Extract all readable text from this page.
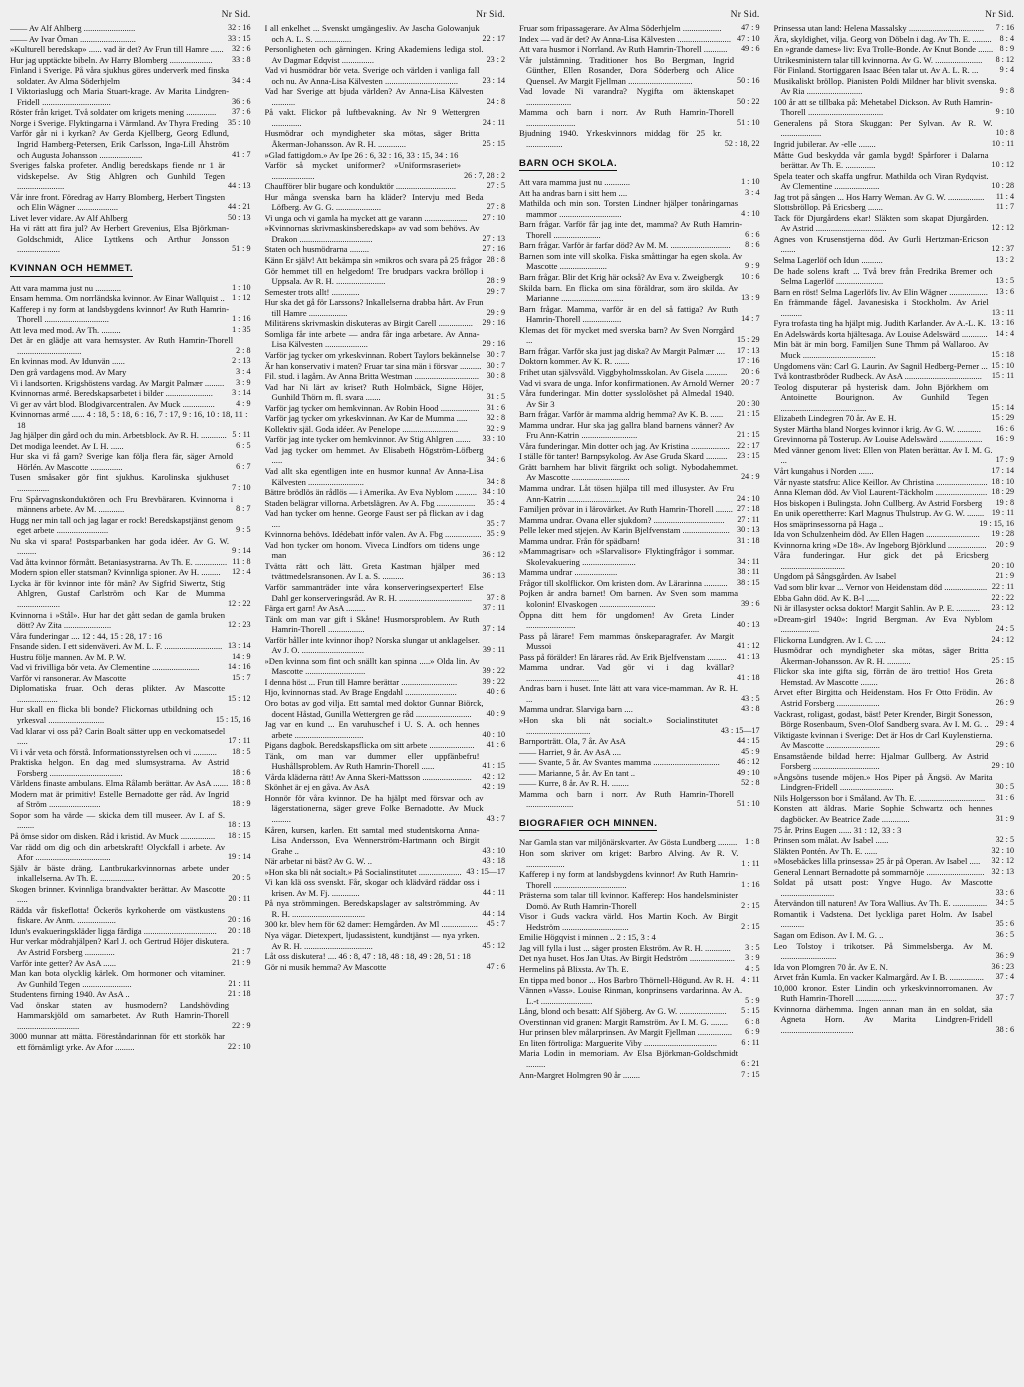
Nr Sid.
—— Av Alf Ahlberg ........................	32 : 16
—— Av Ivar Öman ..........................	33 : 15
»Kulturell beredskap» ...... vad är det? Av Frun till Hamre ......	32 : 6
Hur jag upptäckte bibeln. Av Harry Blomberg ....................	33 : 8
Finland i Sverige. På våra sjukhus göres underverk med finska soldater. Av Alma Söderhjelm	34 : 4
I Viktoriaslugg och Maria Stuart-krage. Av Marita Lindgren-Fridell ................................	36 : 6
Röster från kriget. Två soldater om krigets mening ..............	37 : 6
Norge i Sverige. Flyktingarna i Värmland. Av Thyra Freding	35 : 10
Varför går ni i kyrkan? Av Gerda Kjellberg, Georg Edlund, Ingrid Hamberg-Petersen, Erik Carlsson, Inga-Lill Åhström och Augusta Johansson ....................	41 : 7
Sveriges falska profeter. Andlig beredskaps fiende nr 1 är vidskepelse. Av Stig Ahlgren och Gunhild Tegen ......................	44 : 13
Vår inre front. Föredrag av Harry Blomberg, Herbert Tingsten och Elin Wägner ...................	44 : 21
Livet lever vidare. Av Alf Ahlberg	50 : 13
Ha vi rätt att fira jul? Av Herbert Grevenius, Elsa Björkman-Goldschmidt, Alice Lyttkens och Arthur Jonsson ....................	51 : 9
KVINNAN OCH HEMMET.
Att vara mamma just nu ............	1 : 10
Ensam hemma. Om norrländska kvinnor. Av Einar Wallquist .. 1 : 12
Kafferep i ny form at landsbygdens kvinnor! Av Ruth Hamrin-Thorell ..............................	1 : 16
Att leva med mod. Av Th. .........	1 : 35
Det är en glädje att vara hemsyster. Av Ruth Hamrin-Thorell ..............................	2 : 8
En kvinnas mod. Av Idunvän ......	2 : 13
Den grå vardagens mod. Av Mary	3 : 4
Vi i landsorten. Krigshöstens vardag. Av Margit Palmær .........	3 : 9
Kvinnornas armé. Beredskapsarbetet i bilder ......................	3 : 14
Vi ger av vårt blod. Blodgivarcentralen. Av Muck ...............	4 : 9
Kvinnornas armé ...... 4 : 18, 5 : 18, 6 : 16, 7 : 17, 9 : 16, 10 : 18, 11 : 18
Jag hjälper din gård och du min. Arbetsblock. Av R. H. ............ 5 : 11
Det modiga leendet. Av I. H. ......	6 : 5
Hur ska vi få garn? Sverige kan följa flera fär, säger Arnold Hörlén. Av Mascotte ...............	6 : 7
Tusen småsaker gör fint sjukhus. Karolinska sjukhuset ...............	7 : 10
Fru Spårvagnskonduktören och Fru Brevbäraren. Kvinnorna i männens arbete. Av M. ............	8 : 7
Hugg ner min tall och jag lagar er rock! Beredskapstjänst genom eget arbete ........................	9 : 5
Nu ska vi spara! Postsparbanken har goda idéer. Av G. W. .........	9 : 14
Vad åtta kvinnor förmått. Betaniasystrarna. Av Th. E. ............... 11 : 8
Modern spion eller statsman? Kvinnliga spioner. Av H. .........	12 : 4
Lycka är för kvinnor inte för män? Av Sigfrid Siwertz, Stig Ahlgren, Gustaf Carlström och Kar de Mumma ....................	12 : 22
Kvinnorna i »Stål». Hur har det gått sedan de gamla bruken dött? Av Zita ......................	12 : 23
Våra funderingar .... 12 : 44, 15 : 28, 17 : 16
Fnsande siden. I ett sidenväveri. Av M. L. F. ........................... 13 : 14
Hustru följe mannen. Av M. P. W.	14 : 9
Vad vi frivilliga bör veta. Av Clementine ......................	14 : 16
Varför vi ransonerar. Av Mascotte	15 : 7
Diplomatiska fruar. Och deras plikter. Av Mascotte ...................	15 : 12
Hur skall en flicka bli bonde? Flickornas utbildning och yrkesval ..........................	15 : 15, 16
Vad klarar vi oss på? Carin Boalt sätter upp en veckomatsedel .....	17 : 11
Vi i vår veta och förstå. Informationsstyrelsen och vi ...........	18 : 5
Praktiska helgon. En dag med slumsystrarna. Av Astrid Forsberg ..................................	18 : 6
Världens finaste ambulans. Elma Rålamb berättar. Av AsA ....... 18 : 8
Modern mat är primitiv! Estelle Bernadotte ger råd. Av Ingrid af Ström ........................	18 : 9
Sopor som ha värde — skicka dem till museer. Av I. af S. ........	18 : 13
På ömse sidor om disken. Råd i kristid. Av Muck ................	18 : 15
Var rädd om dig och din arbetskraft! Olyckfall i arbete. Av Afor ...................................	19 : 14
Själv är bäste dräng. Lantbrukarkvinnornas arbete under inkallelserna. Av Th. E. ................	20 : 5
Skogen brinner. Kvinnliga brandvakter berättar. Av Mascotte .....	20 : 11
Rädda vår fiskeflotta! Öckerös kyrkoherde om västkustens fiskare. Av Anm. ..................	20 : 16
Idun's evakueringskläder ligga färdiga ..................................	20 : 18
Hur verkar mödrahjälpen? Karl J. och Gertrud Höjer diskutera. Av Astrid Forsberg ..............	21 : 7
Varför inte getter? Av AsA ......	21 : 9
Man kan bota olycklig kärlek. Om hormoner och vitaminer. Av Gunhild Tegen .......................	21 : 11
Studentens firning 1940. Av AsA ..	21 : 18
Vad önskar staten av husmodern? Landshövding Hammarskjöld om samarbetet. Av Ruth Hamrin-Thorell .............................	22 : 9
3000 munnar att mätta. Föreståndarinnan för ett storkök har ett förnämligt yrke. Av Afor .........	22 : 10
Nr Sid.
I all enkelhet ... Svenskt umgängesliv. Av Jascha Golowanjuk och A. L. S. .................	22 : 17
Personligheten och gärningen. Kring Akademiens lediga stol. Av Dagmar Edqvist ...............	23 : 2
Vad vi husmödrar bör veta. Sverige och världen i vanliga fall och nu. Av Anna-Lisa Kälvesten ..................................	23 : 14
Vad har Sverige att bjuda världen? Av Anna-Lisa Kälvesten ...........	24 : 8
På vakt. Flickor på luftbevakning. Av Nr 9 Wettergren ..............	24 : 11
Husmödrar och myndigheter ska mötas, säger Britta Åkerman-Johansson. Av R. H. .............	25 : 15
»Glad fattigdom.» Av Ipe 26 : 6, 32 : 16, 33 : 15, 34 : 16
Varför så mycket uniformer? »Uniformsraseriet» ....................	26 : 7, 28 : 2
Chaufförer blir bugare och konduktör ............................	27 : 5
Hur många svenska barn ha kläder? Intervju med Beda Löfberg. Av G. G. .....................	27 : 8
Vi unga och vi gamla ha mycket att ge varann ....................	27 : 10
»Kvinnornas skrivmaskinsberedskap» av vad som behövs. Av Drakon ..................................	27 : 13
Staten och husmödrarna .........	27 : 16
Känn Er själv! Att bekämpa sin »mikros och svara på 25 frågor 28 : 8
Gör hemmet till en helgedom! Tre brudpars vackra bröllop i Uppsala. Av R. H. .......................	28 : 9
Semester trots allt! .............	29 : 7
Hur ska det gå för Larssons? Inkallelserna drabba hårt. Av Frun till Hamre ..................	29 : 9
Militärens skrivmaskin diskuteras av Birgit Carell ................	29 : 16
Somliga får inte arbete — andra får inga arbetare. Av Anna-Lisa Kälvesten ....................	29 : 16
Varför jag tycker om yrkeskvinnan. Robert Taylors bekännelse 30 : 7
Är han konservativ i maten? Fruar tar sina män i försvar .......... 30 : 7
Fil. stud. i lagårn. Av Anna Britta Westman .............................. 30 : 8
Vad har Ni lärt av kriset? Ruth Holmbäck, Signe Höjer, Gunhild Thörn m. fl. svara .......	31 : 5
Varför jag tycker om hemkvinnan. Av Robin Hood .................. 31 : 6
Varför jag tycker om yrkeskvinnan. Av Kar de Mumma .....	32 : 8
Kollektiv själ. Goda idéer. Av Penelope ..........................	32 : 9
Varför jag inte tycker om hemkvinnor. Av Stig Ahlgren .......	33 : 10
Vad jag tycker om hemmet. Av Elisabeth Högström-Löfberg .....	34 : 6
Vad allt ska egentligen inte en husmor kunna! Av Anna-Lisa Kälvesten ..........................	34 : 8
Bättre brödlös än rådlös — i Amerika. Av Eva Nyblom .......... 34 : 10
Staden belägrar villorna. Arbetslägren. Av A. Fbg ..................	35 : 4
Vad han tycker om henne. George Faust ser på flickan av i dag ....	35 : 7
Kvinnorna behövs. Idédebatt inför valen. Av A. Fbg ................. 35 : 9
Vad hon tycker om honom. Viveca Lindfors om tidens unge man	36 : 12
Tvätta rätt och lätt. Greta Kastman hjälper med tvättmedelsransonen. Av I. a. S. ..........	36 : 13
Varför sammanträder inte våra konserveringsexperter! Else Dahl ger konserveringsråd. Av R. H. ..................................	37 : 8
Färga ert garn! Av AsA .........	37 : 11
Tänk om man var gift i Skåne! Husmorsproblem. Av Ruth Hamrin-Thorell .................	37 : 14
Varför håller inte kvinnor ihop? Norska slungar ut anklagelser. Av J. O. .............................	39 : 11
»Den kvinna som fint och snällt kan spinna .....» Olda lin. Av Mascotte ............................	39 : 22
I denna höst ... Frun till Hamre berättar ..........................	39 : 22
Hjo, kvinnornas stad. Av Brage Engdahl ........................	40 : 6
Oro botas av god vilja. Ett samtal med doktor Gunnar Biörck, docent Håstad, Gunilla Wettergren ge råd ..........................	40 : 9
Jag var en kund ... En varuhuschef i U. S. A. och hennes arbete ................................	40 : 10
Pigans dagbok. Beredskapsflicka om sitt arbete .....................	41 : 6
Tänk, om man var dummer eller uppfänbefru! Hushållsproblem. Av Ruth Hamrin-Thorell ......	41 : 15
Vårda klädernа rätt! Av Anna Skeri-Mattsson .......................	42 : 12
Skönhet är ej en gåva. Av AsA	42 : 19
Honnör för våra kvinnor. De ha hjälpt med försvar och av lägerstationerna, säger greve Folke Bernadotte. Av Muck .........	43 : 7
Kåren, kursen, karlen. Ett samtal med studentskorna Anna-Lisa Andersson, Eva Wennerström-Hartmann och Birgit Grahe ..	43 : 10
När arbetar ni bäst? Av G. W. ..	43 : 18
»Hon ska bli nåt socialt.» På Socialinstitutet .................... 43 : 15—17
Vi kan klä oss svenskt. Får, skogar och klädvärd räddar oss i krisen. Av M. Fj. .............	44 : 11
På nya strömmingen. Beredskapslager av saltströmming. Av R. H. ..................................	44 : 14
300 kr. blev hem för 62 damer: Hemgården. Av Ml .................	45 : 7
Nya vägar. Dietexpert, ljudassistent, kundtjänst — nya yrken. Av R. H. ................................	45 : 12
Låt oss diskutera! .... 46 : 8, 47 : 18, 48 : 18, 49 : 28, 51 : 18
Gör ni musik hemma? Av Mascotte	47 : 6
Nr Sid.
Fruar som fripassagerare. Av Alma Söderhjelm ..................	47 : 9
Index — vad är det? Av Anna-Lisa Kälvesten ......................... 47 : 10
Att vara husmor i Norrland. Av Ruth Hamrin-Thorell ...........	49 : 6
Vår julstämning. Traditioner hos Bo Bergman, Ingrid Günther, Ellen Rosander, Dora Söderberg och Alice Quensel. Av Margit Fjellman ..............................	50 : 16
Vad lovade Ni varandra? Nygifta om äktenskapet .....................	50 : 22
Mamma och barn i norr. Av Ruth Hamrin-Thorell .......................	51 : 10
Bjudning 1940. Yrkeskvinnors middag för 25 kr. .................	52 : 18, 22
BARN OCH SKOLA.
Att vara mamma just nu ............	1 : 10
Att ha andras barn i sitt hem ....	3 : 4
Mathilda och min son. Torsten Lindner hjälper tonåringarnas mammor .............................	4 : 10
Barn frågar. Varför får jag inte det, mamma? Av Ruth Hamrin-Thorell ......................	6 : 6
Barn frågar. Varför är farfar död? Av M. M. ............................	8 : 6
Barnen som inte vill skolka. Fiska småttingar ha egen skola. Av Mascotte ......................	9 : 9
Barn frågar. Blir det Krig här också? Av Eva v. Zweigbergk	10 : 6
Skilda barn. En flicka om sina föräldrar, som äro skilda. Av Marianne .............................	13 : 9
Barn frågar. Mamma, varför är en del så fattiga? Av Ruth Hamrin-Thorell ..................	14 : 7
Klemas det för mycket med sverska barn? Av Sven Norrgård ...	15 : 29
Barn frågar. Varför ska just jag diska? Av Margit Palmær ....	17 : 13
Doktorn kommer. Av K. R. .......	17 : 16
Frihet utan självsvåld. Viggbyholmsskolan. Av Gisela ..........	20 : 6
Vad vi svara de unga. Infor konfirmationen. Av Arnold Werner 20 : 7
Våra funderingar. Min dotter sysslolöshet på Almedal 1940. Av Sir 3	20 : 30
Barn frågar. Varför är mamma aldrig hemma? Av K. B. ......	21 : 15
Mamma undrar. Hur ska jag gallra bland barnens vänner? Av Fru Ann-Katrin ..........................	21 : 15
Våra funderingar. Min dotter och jag. Av Kristina .................. 22 : 17
I ställe för tanter! Barnpsykolog. Av Ase Gruda Skard ..........	23 : 15
Grätt barnhem har blivit färgrikt och soligt. Nybodahemmet. Av Mascotte ...........................	24 : 9
Mamma undrar. Låt tösen hjälpa till med illusyster. Av Fru Ann-Katrin .........................	24 : 10
Familjen prövar in i lärovärket. Av Ruth Hamrin-Thorell ........ 27 : 18
Mamma undrar. Ovana eller sjukdom? .................................	27 : 11
Pelle leker med stjejen. Av Karin Bjelfvenstam ...................... 30 : 13
Mamma undrar. Från för spädbarn!	31 : 18
»Mammagrisar» och »Slarvalisor» Flyktingfrågor i sommar. Skolevakuering .........................	34 : 11
Mamma undrar ....................	38 : 11
Frågor till skolflickor. Om kristen dom. Av Lärarinna ...........	38 : 15
Pojken är andra barnet! Om barnen. Av Sven som mamma kolonin! Elvaskogen ..........................	39 : 6
Öppna ditt hem för ungdomen! Av Greta Linder .......................	40 : 13
Pass på lärare! Fem mammas önskeparagrafer. Av Margit Mussoi	41 : 12
Pass på förälder! En lärares råd. Av Erik Bjelfvenstam .........	41 : 13
Mamma undrar. Vad gör vi i dag kvällar? ..................................	41 : 18
Andras barn i huset. Inte lätt att vara vice-mamman. Av R. H. ...	43 : 5
Mamma undrar. Slarviga barn ....	43 : 8
»Hon ska bli nåt socialt.» Socialinstitutet ..............................	43 : 15—17
Barnporträtt. Ola, 7 år. Av AsA	44 : 15
—— Harriet, 9 år. Av AsA ....	45 : 9
—— Svante, 5 år. Av Svantes mamma ...............................	46 : 12
—— Marianne, 5 år. Av En tant ..	49 : 10
—— Kurre, 8 år. Av R. H. ........	52 : 8
Mamma och barn i norr. Av Ruth Hamrin-Thorell ......................	51 : 10
BIOGRAFIER OCH MINNEN.
Nar Gamla stan var miljönärskvarter. Av Gösta Lundberg ......... 1 : 8
Hon som skriver om kriget: Barbro Alving. Av R. V. ..................	1 : 11
Kafferep i ny form at landsbygdens kvinnor! Av Ruth Hamrin-Thorell ..................................	1 : 16
Prästerna som talar till kvinnor. Kafferep: Hos handelsminister Domö. Av Ruth Hamrin-Thorell	2 : 15
Visor i Guds vackra värld. Hos Martin Koch. Av Birgit Hedström ...............................	2 : 15
Emilie Högqvist i minnen .. 2 : 15, 3 : 4
Jag vill fylla i lust ... säger prosten Ekström. Av R. H. ............	3 : 5
Det nya huset. Hos Jan Utas. Av Birgit Hedström .....................	3 : 9
Hermelins på Blixsta. Av Th. E.	4 : 5
En tippa med bonor ... Hos Barbro Thörnell-Högund. Av R. H. 4 : 11
Vännen »Vass». Louise Rinman, konprinsens vardarinna. Av A. L.-t ........................	5 : 9
Lång, blond och besatt: Alf Sjöberg. Av G. W. ......................	5 : 15
Overstinnan vid granen: Margit Ramström. Av I. M. G. ........	6 : 8
Hur prinsen blev målarprinsen. Av Margit Fjellman ................	6 : 9
En liten förtroliga: Marguerite Viby ..................................	6 : 11
Maria Lodin in memoriam. Av Elsa Björkman-Goldschmidt .........	6 : 21
Ann-Margret Holmgren 90 år ........	7 : 15
Nr Sid.
Prinsessa utan land: Helena Massalsky ...................................	7 : 16
Ära, skyldighet, vilja. Georg von Döbeln i dag. Av Th. E. ......... 8 : 4
En »grande dames» liv: Eva Trolle-Bonde. Av Knut Bonde ....... 8 : 9
Utrikesministern talar till kvinnorna. Av G. W. ......................	8 : 12
För Finland. Stortiggaren Isaac Béen talar ut. Av A. L. R. ...	9 : 4
Musikaliskt bröllop. Pianisten Poldi Mildner har blivit svenska. Av Ria ..........................	9 : 8
100 år att se tillbaka på: Mehetabel Dickson. Av Ruth Hamrin-Thorell ...................................	9 : 10
Generalens på Stora Skuggan: Per Sylvan. Av R. W. ...................	10 : 8
Ingrid jubilerar. Av -elle ........	10 : 11
Måtte Gud beskydda vår gamla bygd! Spårforer i Dalarna berättar. Av Th. E. ..............	10 : 12
Spela teater och skaffa ungfrur. Mathilda och Viran Rydqvist. Av Clementine .....................	10 : 28
Jag trot på sången ... Hos Harry Weman. Av G. W. .................	11 : 4
Slottsbröllop. På Ericsberg .......	11 : 7
Tack för Djurgårdens ekar! Släkten som skapat Djurgården. Av Astrid .................................	12 : 12
Agnes von Krusenstjerna död. Av Gurli Hertzman-Ericson .......	12 : 37
Selma Lagerlöf och Idun ..........	13 : 2
De hade solens kraft ... Två brev från Fredrika Bremer och Selma Lagerlöf ......................	13 : 5
Barn en röst! Selma Lagerlöfs liv. Av Elin Wägner .................. 13 : 6
En främmande fågel. Javanesiska i Stockholm. Av Ariel ..........	13 : 11
Fyra trofasta ting ha hjälpt mig. Judith Karlander. Av A.-L. K. 13 : 16
En Adelswärds korta hjältesaga. Av Louise Adelswärd ............ 14 : 4
Min bät är min borg. Familjen Sune Thmm på Wallaroo. Av Muck ..................................	15 : 18
Ungdomens vän: Carl G. Laurin. Av Sagnil Hedberg-Perner ... 15 : 10
Två kontrastbröder Rudbeck. Av AsA ....................................	15 : 11
Teolog disputerar på hysterisk dam. John Björkhem om Antoinette Bourignon. Av Gunhild Tegen ........................................	15 : 14
Elizabeth Lindegren 70 år. Av E. H.	15 : 29
Syster Märtha bland Norges kvinnor i krig. Av G. W. ...........	16 : 6
Grevinnorna på Tosterup. Av Louise Adelswärd ....................	16 : 9
Med vänner genom livet: Ellen von Platen berättar. Av I. M. G. ...	17 : 9
Vårt kungahus i Norden .......	17 : 14
Vår nyaste statsfru: Alice Keillor. Av Christina ........................ 18 : 10
Anna Kleman död. Av Viol Laurent-Täckholm ........................ 18 : 29
Hos biskopen i Bulingsta. John Cullberg. Av Astrid Forsberg	19 : 8
En unik operettherre: Karl Magnus Thulstrup. Av G. W. ........ 19 : 11
Hos smäprinsessorna på Haga ..	19 : 15, 16
Ida von Schulzenheim död. Av Ellen Hagen .........................	19 : 28
Kvinnorna kring »De 18». Av Ingeborg Björklund ..................	20 : 9
Våra funderingar. Hur gick det på Ericsberg ..............................	20 : 10
Ungdom på Sångsgården. Av Isabel	21 : 9
Vad som blir kvar ... Vernor von Heidenstam död .................... 22 : 11
Ebba Gahn död. Av K. B-l ......	22 : 22
Ni är illasyster ocksa doktor! Margit Sahlin. Av P. E. ...........	23 : 12
»Dream-girl 1940»: Ingrid Bergman. Av Eva Nyblom ..................	24 : 5
Flickorna Lundgren. Av I. C. .....	24 : 12
Husmödrar och myndigheter ska mötas, säger Britta Åkerman-Johansson. Av R. H. ...........	25 : 15
Flickor ska inte gifta sig, förrän de äro trettio! Hos Greta Hemstad. Av Mascotte ........	26 : 8
Arvet efter Birgitta och Heidenstam. Hos Fr Otto Frödin. Av Astrid Forsberg ....................	26 : 9
Vackrast, roligast, godast, bäst! Peter Krender, Birgit Sonesson, Börge Rosenbaum, Sven-Olof Sandberg svara. Av I. M. G. .. 29 : 4
Viktigaste kvinnan i Sverige: Det är Hos dr Carl Kuylenstierna. Av Mascotte .........................	29 : 6
Ensamstående bildad herre: Hjalmar Gullberg. Av Astrid Forsberg ...............................	29 : 10
»Ångsöns tusende möjen.» Hos Piper på Ängsö. Av Marita Lindgren-Fridell .........................	30 : 5
Nils Holgersson bor i Småland. Av Th. E. ...............................	31 : 6
Konsten att äldras. Marie Sophie Schwartz och hennes dagböcker. Av Beatrice Zade .............	31 : 9
75 år. Prins Eugen ...... 31 : 12, 33 : 3
Prinsen som målat. Av Isabel ......	32 : 5
Släkten Pontén. Av Th. E. ......	32 : 10
»Mosebäckes lilla prinsessa» 25 år på Operan. Av Isabel .....	32 : 12
General Lennart Bernadotte på sommarnöje ........................... 32 : 13
Soldat på utsatt post: Yngve Hugo. Av Mascotte .........................	33 : 6
Återvändon till naturen! Av Tora Wallius. Av Th. E. ................	34 : 5
Romantik i Vadstena. Det lyckliga paret Holm. Av Isabel ...........	35 : 6
Sagan om Edison. Av I. M. G. ..	36 : 5
Leo Tolstoy i trikotser. På Simmelsberga. Av M. ..........................	36 : 9
Ida von Plomgren 70 år. Av E. N.	36 : 23
Arvet från Kumla. En vacker Kalmargård. Av I. B. ................	37 : 4
10,000 kronor. Ester Lindin och yrkeskvinnorromanen. Av Ruth Hamrin-Thorell ...................	37 : 7
Kvinnorna därhemma. Ingen annan man än en soldat, säa Agneta Horn. Av Marita Lindgren-Fridell ..................................	38 : 6
